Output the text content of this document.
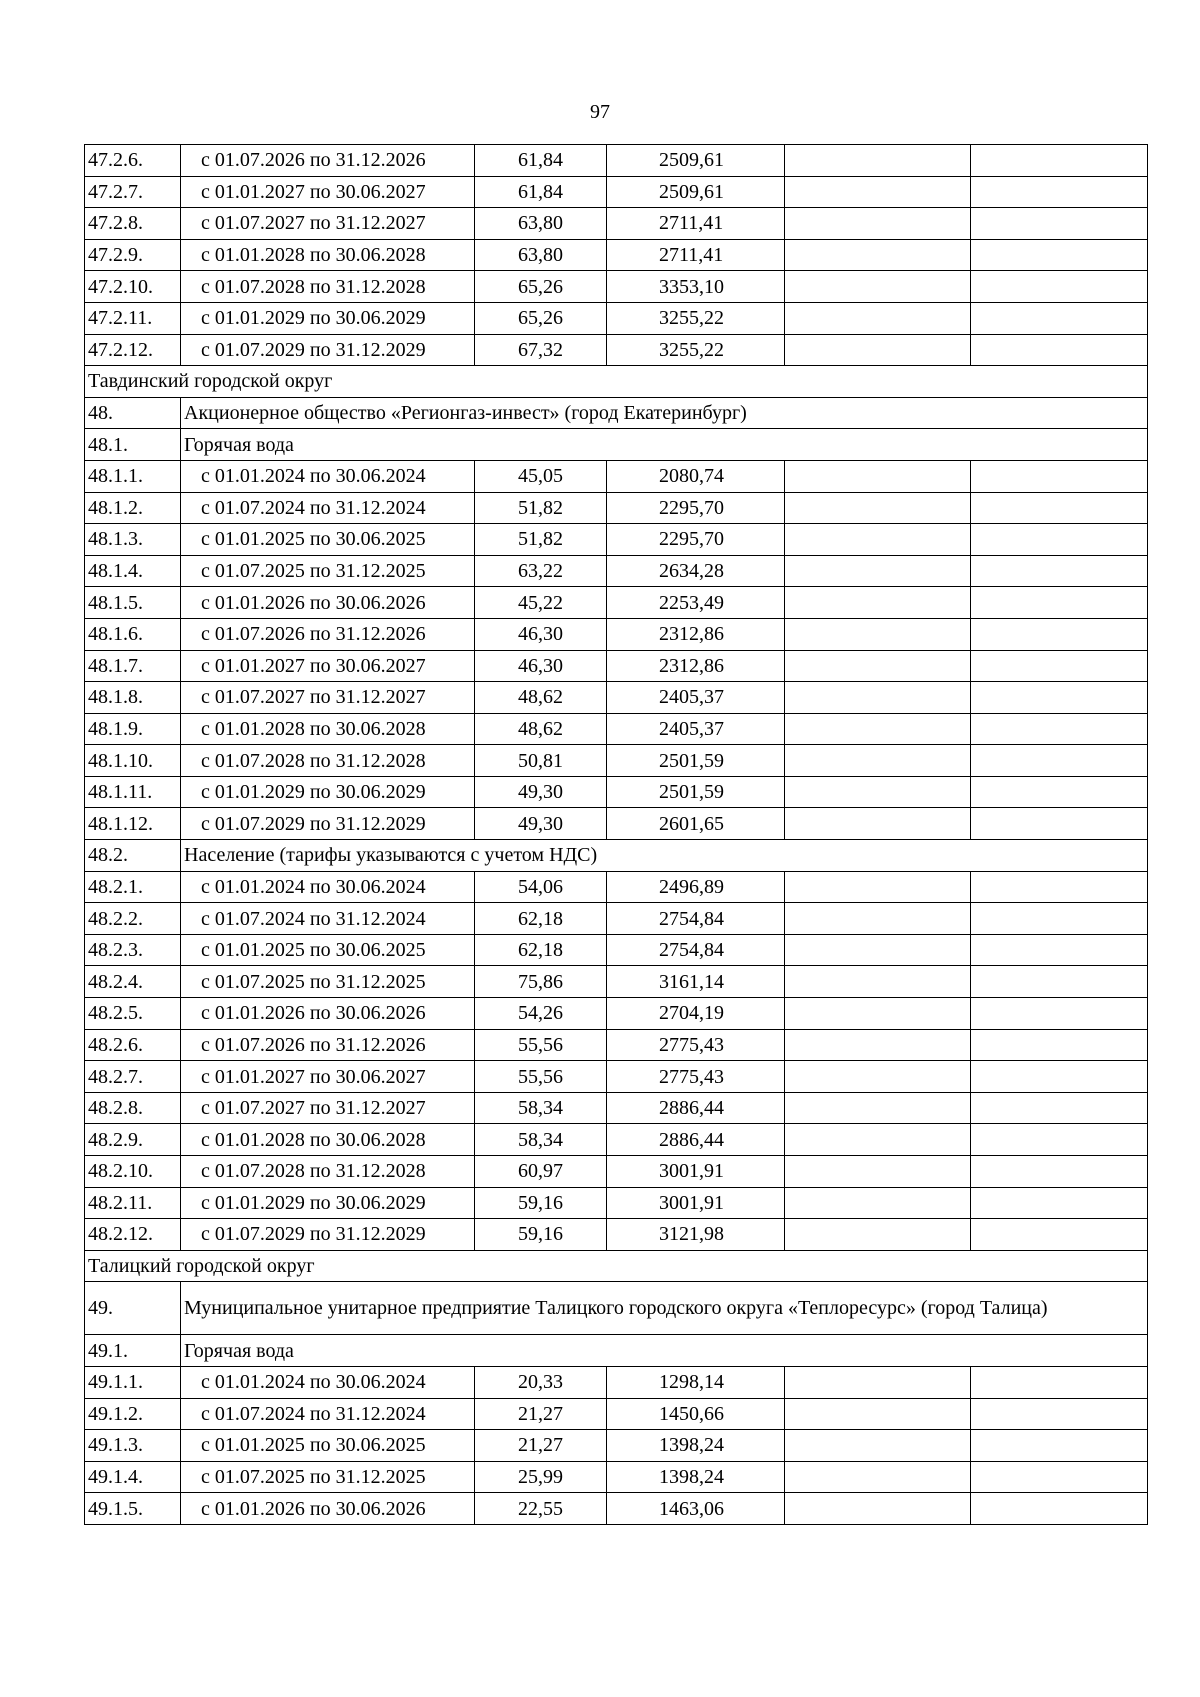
97
47.2.6.	с 01.07.2026 по 31.12.2026	61,84	2509,61		
47.2.7.	с 01.01.2027 по 30.06.2027	61,84	2509,61		
47.2.8.	с 01.07.2027 по 31.12.2027	63,80	2711,41		
47.2.9.	с 01.01.2028 по 30.06.2028	63,80	2711,41		
47.2.10.	с 01.07.2028 по 31.12.2028	65,26	3353,10		
47.2.11.	с 01.01.2029 по 30.06.2029	65,26	3255,22		
47.2.12.	с 01.07.2029 по 31.12.2029	67,32	3255,22		
Тавдинский городской округ					
48.	Акционерное общество «Регионгаз-инвест» (город Екатеринбург)				
48.1.	Горячая вода				
48.1.1.	с 01.01.2024 по 30.06.2024	45,05	2080,74		
48.1.2.	с 01.07.2024 по 31.12.2024	51,82	2295,70		
48.1.3.	с 01.01.2025 по 30.06.2025	51,82	2295,70		
48.1.4.	с 01.07.2025 по 31.12.2025	63,22	2634,28		
48.1.5.	с 01.01.2026 по 30.06.2026	45,22	2253,49		
48.1.6.	с 01.07.2026 по 31.12.2026	46,30	2312,86		
48.1.7.	с 01.01.2027 по 30.06.2027	46,30	2312,86		
48.1.8.	с 01.07.2027 по 31.12.2027	48,62	2405,37		
48.1.9.	с 01.01.2028 по 30.06.2028	48,62	2405,37		
48.1.10.	с 01.07.2028 по 31.12.2028	50,81	2501,59		
48.1.11.	с 01.01.2029 по 30.06.2029	49,30	2501,59		
48.1.12.	с 01.07.2029 по 31.12.2029	49,30	2601,65		
48.2.	Население (тарифы указываются с учетом НДС)				
48.2.1.	с 01.01.2024 по 30.06.2024	54,06	2496,89		
48.2.2.	с 01.07.2024 по 31.12.2024	62,18	2754,84		
48.2.3.	с 01.01.2025 по 30.06.2025	62,18	2754,84		
48.2.4.	с 01.07.2025 по 31.12.2025	75,86	3161,14		
48.2.5.	с 01.01.2026 по 30.06.2026	54,26	2704,19		
48.2.6.	с 01.07.2026 по 31.12.2026	55,56	2775,43		
48.2.7.	с 01.01.2027 по 30.06.2027	55,56	2775,43		
48.2.8.	с 01.07.2027 по 31.12.2027	58,34	2886,44		
48.2.9.	с 01.01.2028 по 30.06.2028	58,34	2886,44		
48.2.10.	с 01.07.2028 по 31.12.2028	60,97	3001,91		
48.2.11.	с 01.01.2029 по 30.06.2029	59,16	3001,91		
48.2.12.	с 01.07.2029 по 31.12.2029	59,16	3121,98		
Талицкий городской округ					
49.	Муниципальное унитарное предприятие Талицкого городского округа «Теплоресурс» (город Талица)				
49.1.	Горячая вода				
49.1.1.	с 01.01.2024 по 30.06.2024	20,33	1298,14		
49.1.2.	с 01.07.2024 по 31.12.2024	21,27	1450,66		
49.1.3.	с 01.01.2025 по 30.06.2025	21,27	1398,24		
49.1.4.	с 01.07.2025 по 31.12.2025	25,99	1398,24		
49.1.5.	с 01.01.2026 по 30.06.2026	22,55	1463,06		
